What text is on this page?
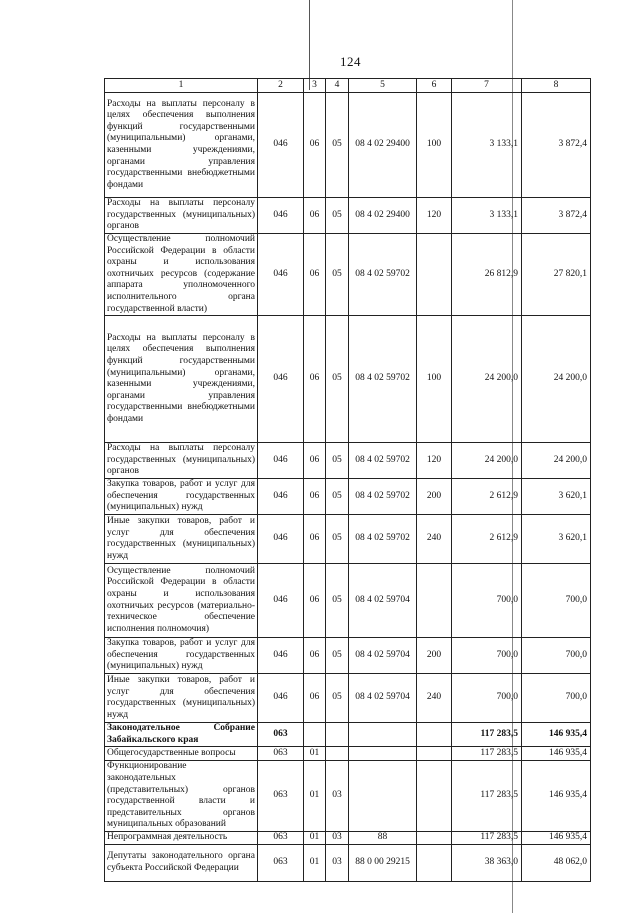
124
1	2	3	4	5	6	7	8
Расходы на выплаты персоналу в целях обеспечения выполнения функций государственными (муниципальными) органами, казенными учреждениями, органами управления государственными внебюджетными фондами	046	06	05	08 4 02 29400	100	3 133,1	3 872,4
Расходы на выплаты персоналу государственных (муниципальных) органов	046	06	05	08 4 02 29400	120	3 133,1	3 872,4
Осуществление полномочий Российской Федерации в области охраны и использования охотничьих ресурсов (содержание аппарата уполномоченного исполнительного органа государственной власти)	046	06	05	08 4 02 59702		26 812,9	27 820,1
Расходы на выплаты персоналу в целях обеспечения выполнения функций государственными (муниципальными) органами, казенными учреждениями, органами управления государственными внебюджетными фондами	046	06	05	08 4 02 59702	100	24 200,0	24 200,0
Расходы на выплаты персоналу государственных (муниципальных) органов	046	06	05	08 4 02 59702	120	24 200,0	24 200,0
Закупка товаров, работ и услуг для обеспечения государственных (муниципальных) нужд	046	06	05	08 4 02 59702	200	2 612,9	3 620,1
Иные закупки товаров, работ и услуг для обеспечения государственных (муниципальных) нужд	046	06	05	08 4 02 59702	240	2 612,9	3 620,1
Осуществление полномочий Российской Федерации в области охраны и использования охотничьих ресурсов (материально-техническое обеспечение исполнения полномочия)	046	06	05	08 4 02 59704		700,0	700,0
Закупка товаров, работ и услуг для обеспечения государственных (муниципальных) нужд	046	06	05	08 4 02 59704	200	700,0	700,0
Иные закупки товаров, работ и услуг для обеспечения государственных (муниципальных) нужд	046	06	05	08 4 02 59704	240	700,0	700,0
Законодательное Собрание Забайкальского края	063					117 283,5	146 935,4
Общегосударственные вопросы	063	01				117 283,5	146 935,4
Функционирование законодательных (представительных) органов государственной власти и представительных органов муниципальных образований	063	01	03			117 283,5	146 935,4
Непрограммная деятельность	063	01	03	88		117 283,5	146 935,4
Депутаты законодательного органа субъекта Российской Федерации	063	01	03	88 0 00 29215		38 363,0	48 062,0
